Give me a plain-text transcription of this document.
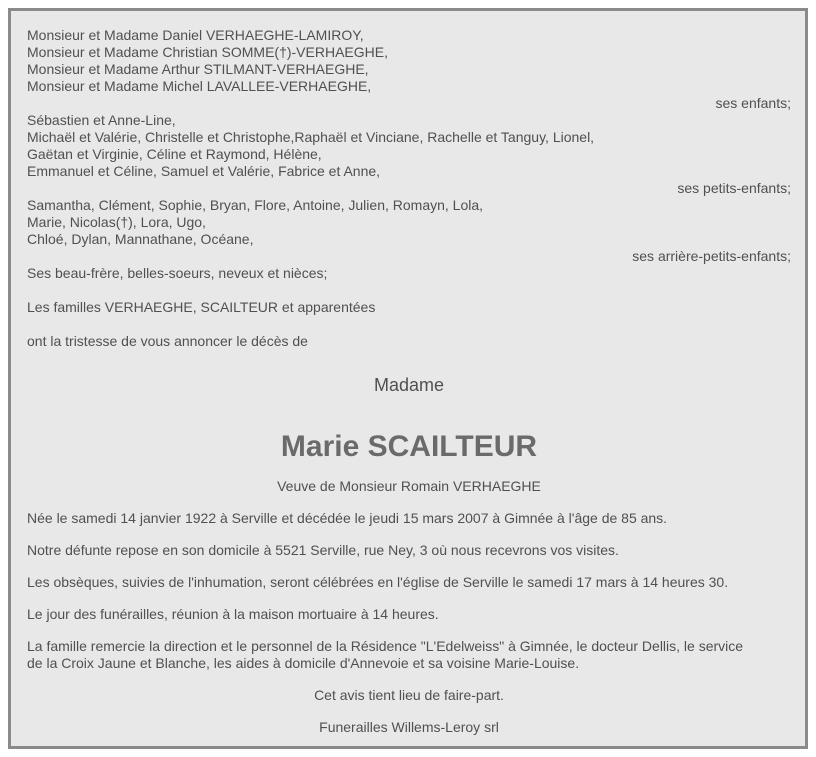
Monsieur et Madame Daniel VERHAEGHE-LAMIROY,
Monsieur et Madame Christian SOMME(†)-VERHAEGHE,
Monsieur et Madame Arthur STILMANT-VERHAEGHE,
Monsieur et Madame Michel LAVALLEE-VERHAEGHE,
ses enfants;
Sébastien et Anne-Line,
Michaël et Valérie, Christelle et Christophe,Raphaël et Vinciane, Rachelle et Tanguy, Lionel,
Gaëtan et Virginie, Céline et Raymond, Hélène,
Emmanuel et Céline, Samuel et Valérie, Fabrice et Anne,
ses petits-enfants;
Samantha, Clément, Sophie, Bryan, Flore, Antoine, Julien, Romayn, Lola,
Marie, Nicolas(†), Lora, Ugo,
Chloé, Dylan, Mannathane, Océane,
ses arrière-petits-enfants;
Ses beau-frère, belles-soeurs, neveux et nièces;
Les familles VERHAEGHE, SCAILTEUR et apparentées
ont la tristesse de vous annoncer le décès de
Madame
Marie SCAILTEUR
Veuve de Monsieur Romain VERHAEGHE
Née le samedi 14 janvier 1922 à Serville et décédée le jeudi 15 mars 2007 à Gimnée à l'âge de 85 ans.
Notre défunte repose en son domicile à 5521 Serville, rue Ney, 3 où nous recevrons vos visites.
Les obsèques, suivies de l'inhumation, seront célébrées en l'église de Serville le samedi 17 mars à 14 heures 30.
Le jour des funérailles, réunion à la maison mortuaire à 14 heures.
La famille remercie la direction et le personnel de la Résidence "L'Edelweiss" à Gimnée, le docteur Dellis, le service
de la Croix Jaune et Blanche, les aides à domicile d'Annevoie et sa voisine Marie-Louise.
Cet avis tient lieu de faire-part.
Funerailles Willems-Leroy srl
